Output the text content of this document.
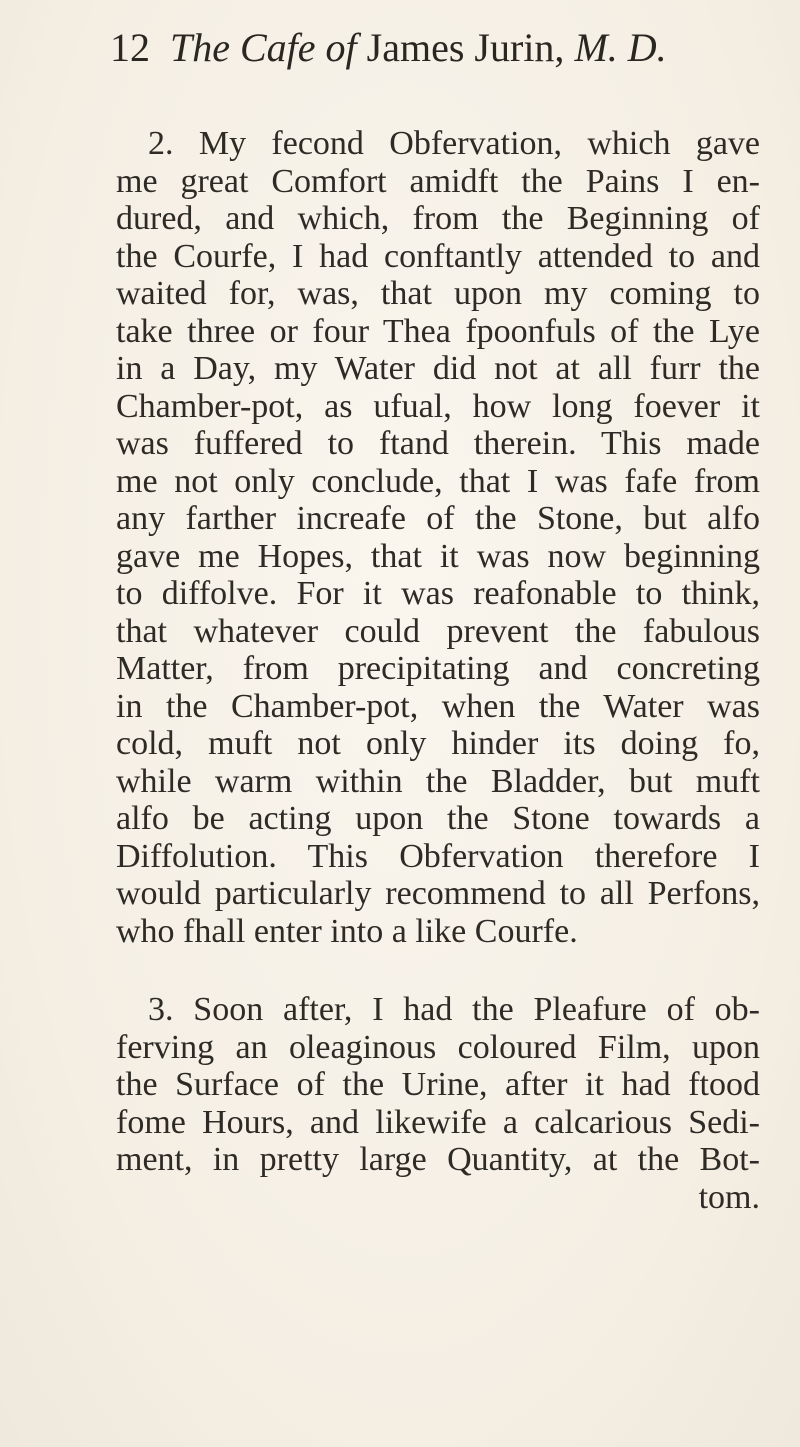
12 The Cafe of James Jurin, M. D.
2. My fecond Obfervation, which gave
me great Comfort amidft the Pains I en-
dured, and which, from the Beginning of
the Courfe, I had conftantly attended to and
waited for, was, that upon my coming to
take three or four Thea fpoonfuls of the Lye
in a Day, my Water did not at all furr the
Chamber-pot, as ufual, how long foever it
was fuffered to ftand therein. This made
me not only conclude, that I was fafe from
any farther increafe of the Stone, but alfo
gave me Hopes, that it was now beginning
to diffolve. For it was reafonable to think,
that whatever could prevent the fabulous
Matter, from precipitating and concreting
in the Chamber-pot, when the Water was
cold, muft not only hinder its doing fo,
while warm within the Bladder, but muft
alfo be acting upon the Stone towards a
Diffolution. This Obfervation therefore I
would particularly recommend to all Perfons,
who fhall enter into a like Courfe.
3. Soon after, I had the Pleafure of ob-
ferving an oleaginous coloured Film, upon
the Surface of the Urine, after it had ftood
fome Hours, and likewife a calcarious Sedi-
ment, in pretty large Quantity, at the Bot-
tom.
